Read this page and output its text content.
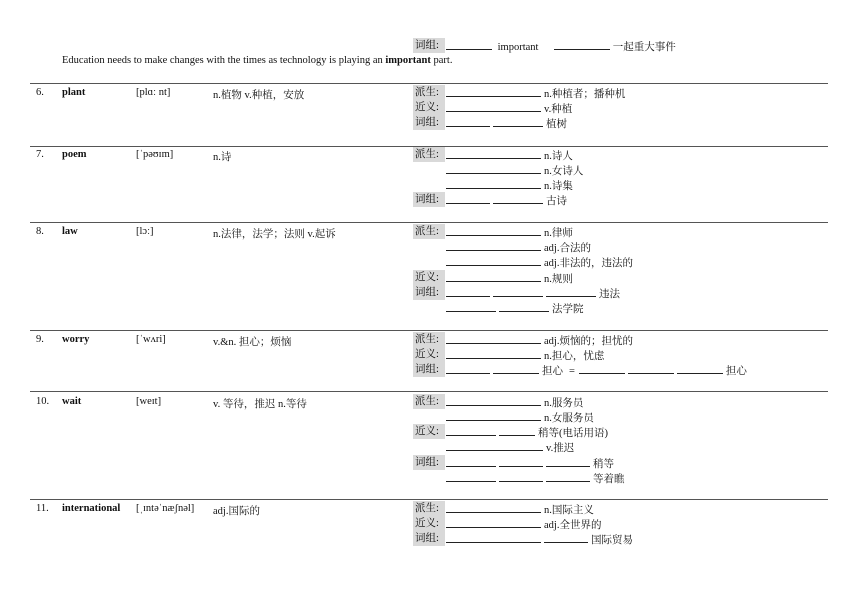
词组:	important	一起重大事件
Education needs to make changes with the times as technology is playing an important part.
6. plant	[plɑː nt]	n.植物 v.种植，安放	派生:	n.种植者；播种机
近义:	v.种植
词组:	植树
7. poem	[ˈpəʊɪm]	n.诗	派生:	n.诗人
n.女诗人
n.诗集
词组:	古诗
8. law	[lɔː]	n.法律，法学；法则 v.起诉	派生:	n.律师
adj.合法的
adj.非法的，违法的
近义:	n.规则
词组:	违法
法学院
9. worry	[ˈwʌri]	v.&n. 担心；烦恼	派生:	adj.烦恼的；担忧的
近义:	n.担心，忧虑
词组:	担心 =	担心
10. wait	[weɪt]	v. 等待，推迟 n.等待	派生:	n.服务员
n.女服务员
近义:	稍等(电话用语)
v.推迟
词组:	稍等
等着瞧
11. international [ˌɪntəˈnæʃnəl] adj.国际的	派生:	n.国际主义
近义:	adj.全世界的
词组:	国际贸易
